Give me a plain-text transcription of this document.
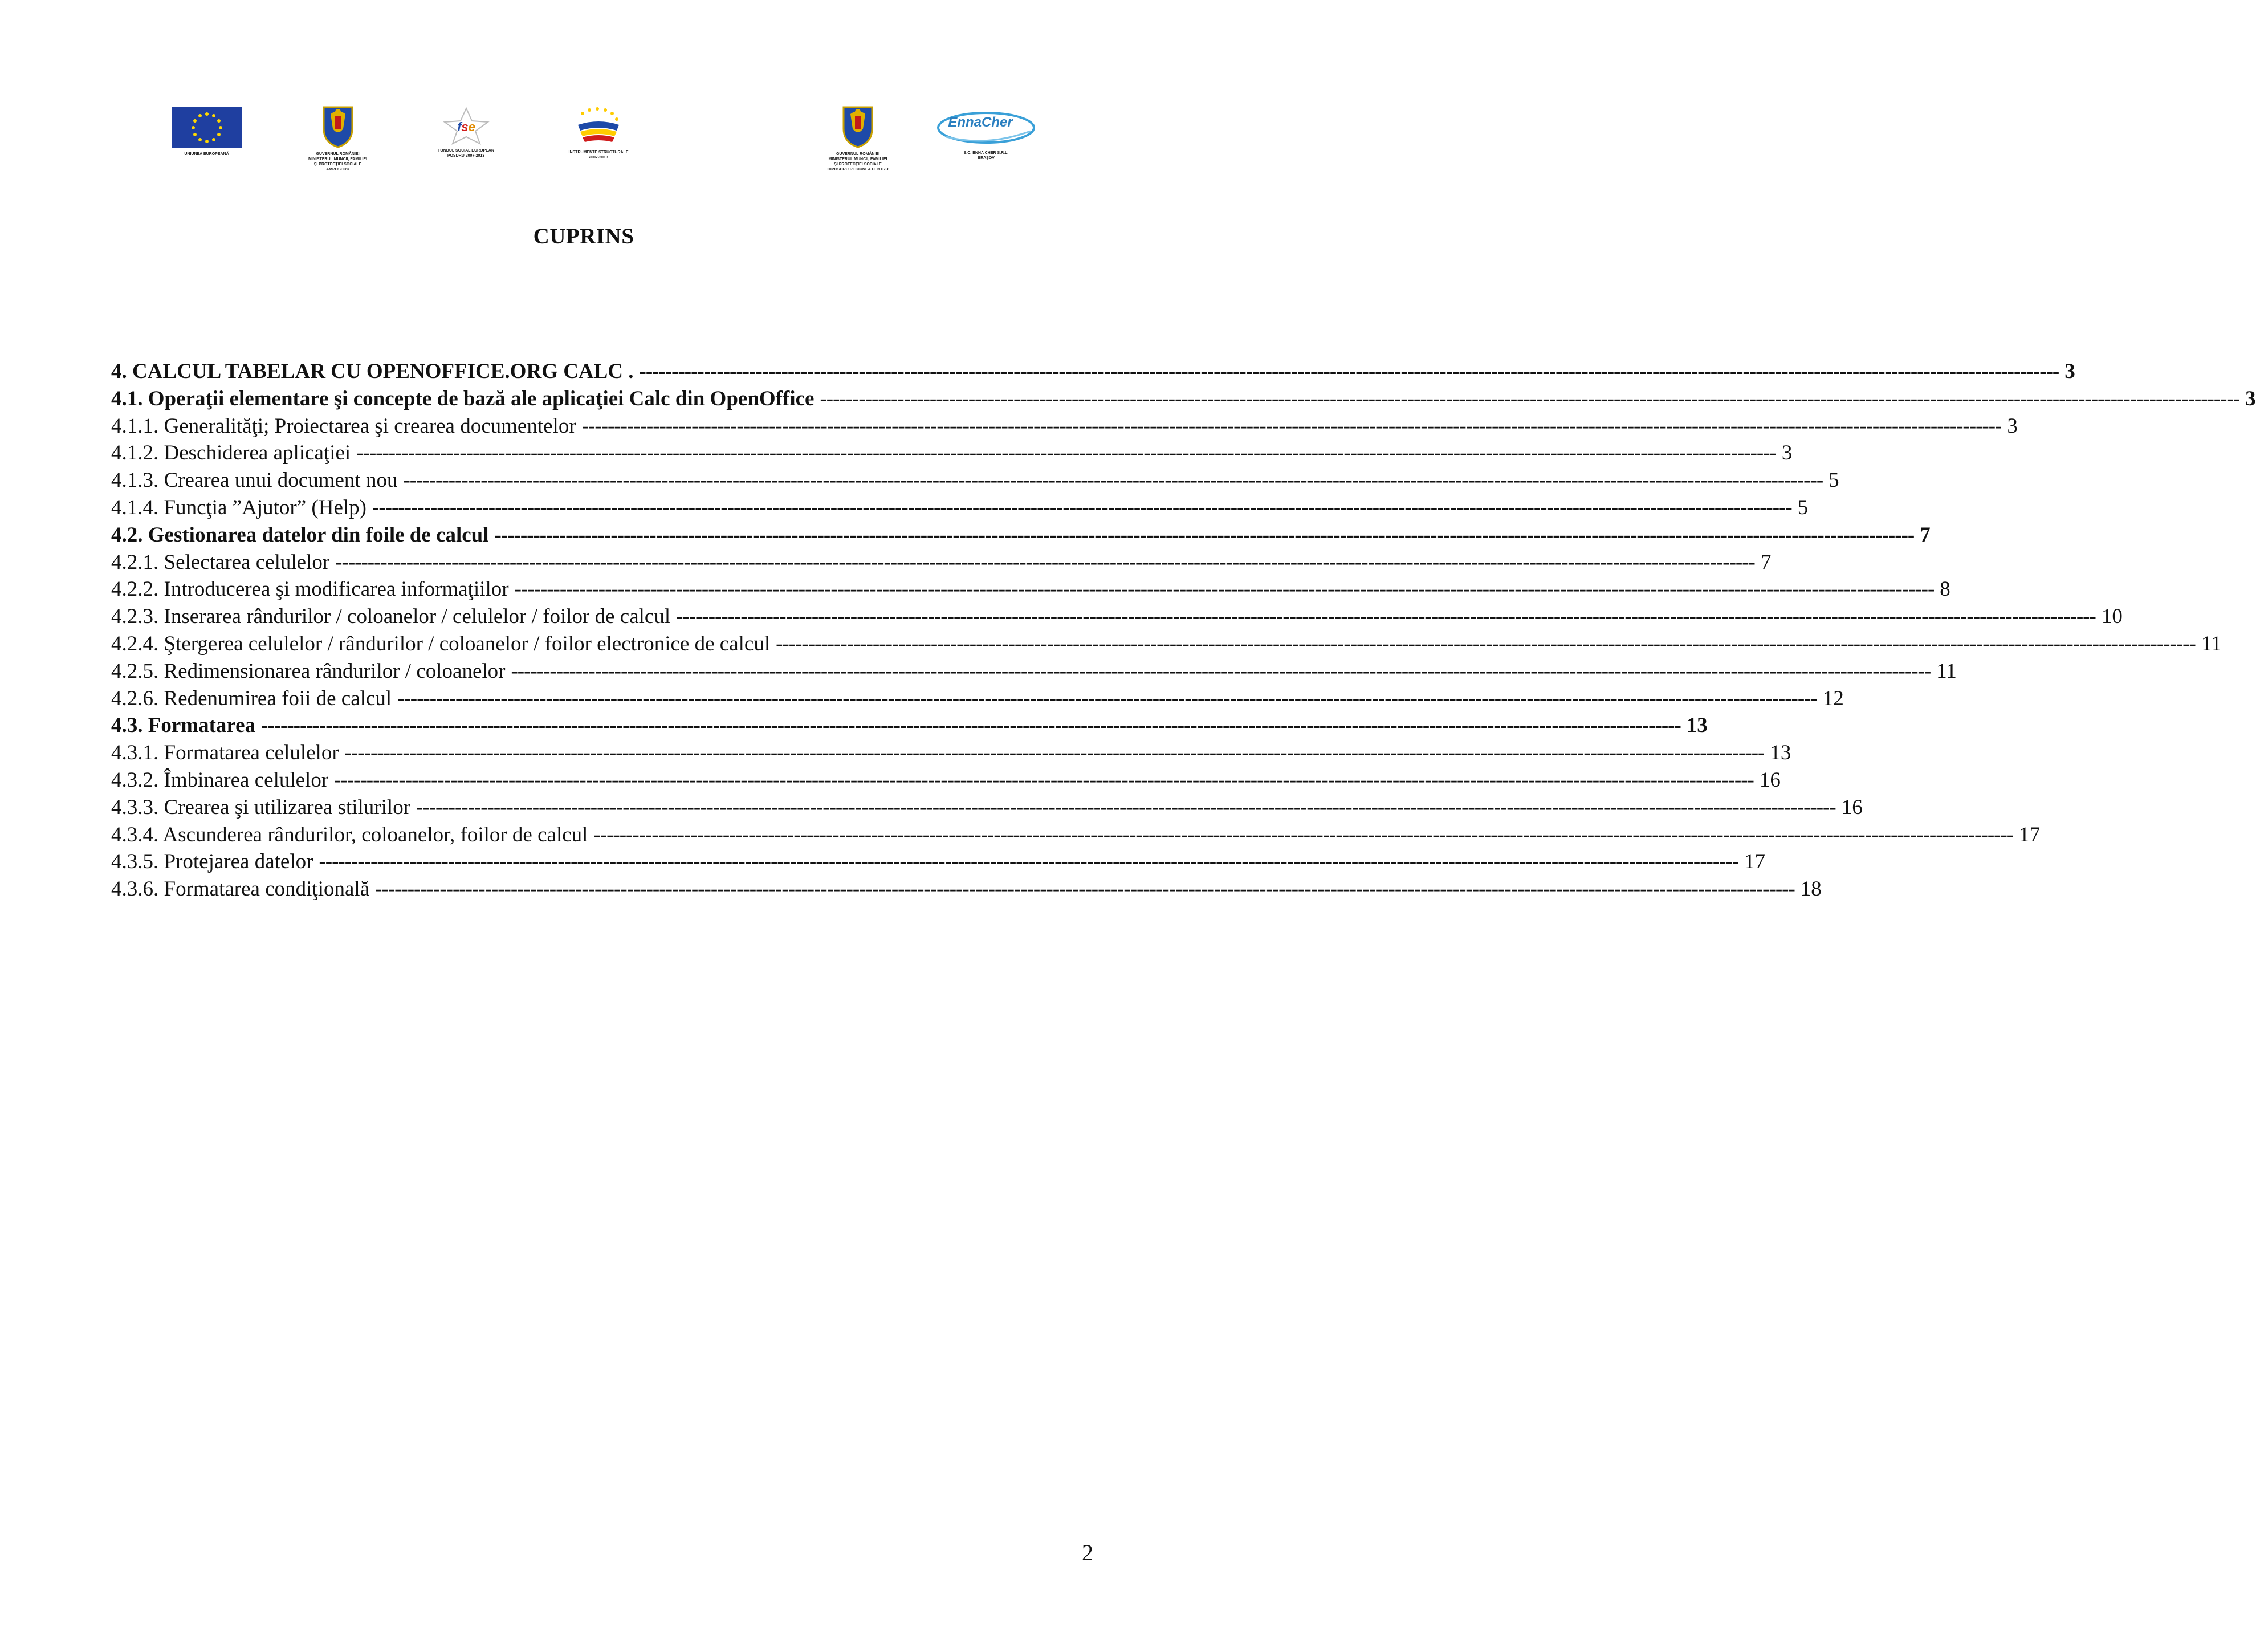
UNIUNEA EUROPEANĂ	GUVERNUL ROMÂNIEI
MINISTERUL MUNCII, FAMILIEI
ȘI PROTECȚIEI SOCIALE
AMPOSDRU
fse
FONDUL SOCIAL EUROPEAN
POSDRU 2007-2013
INSTRUMENTE STRUCTURALE
2007-2013
GUVERNUL ROMÂNIEI
MINISTERUL MUNCII, FAMILIEI
ȘI PROTECȚIEI SOCIALE
OIPOSDRU REGIUNEA CENTRU
EnnaCher
S.C. ENNA CHER S.R.L.
BRAȘOV
CUPRINS
4. CALCUL TABELAR CU OPENOFFICE.ORG CALC . ---------------------------------------------------------------------------------------------------------------------------------------------------------------------------------------------------------------------------- 3
4.1. Operaţii elementare şi concepte de bază ale aplicaţiei Calc din OpenOffice ---------------------------------------------------------------------------------------------------------------------------------------------------------------------------------------------------------------------------- 3
4.1.1. Generalităţi; Proiectarea şi crearea documentelor ---------------------------------------------------------------------------------------------------------------------------------------------------------------------------------------------------------------------------- 3
4.1.2. Deschiderea aplicaţiei ---------------------------------------------------------------------------------------------------------------------------------------------------------------------------------------------------------------------------- 3
4.1.3. Crearea unui document nou ---------------------------------------------------------------------------------------------------------------------------------------------------------------------------------------------------------------------------- 5
4.1.4. Funcţia ”Ajutor” (Help) ---------------------------------------------------------------------------------------------------------------------------------------------------------------------------------------------------------------------------- 5
4.2. Gestionarea datelor din foile de calcul ---------------------------------------------------------------------------------------------------------------------------------------------------------------------------------------------------------------------------- 7
4.2.1. Selectarea celulelor ---------------------------------------------------------------------------------------------------------------------------------------------------------------------------------------------------------------------------- 7
4.2.2. Introducerea şi modificarea informaţiilor ---------------------------------------------------------------------------------------------------------------------------------------------------------------------------------------------------------------------------- 8
4.2.3. Inserarea rândurilor / coloanelor / celulelor / foilor de calcul ---------------------------------------------------------------------------------------------------------------------------------------------------------------------------------------------------------------------------- 10
4.2.4. Ştergerea celulelor / rândurilor / coloanelor / foilor electronice de calcul ---------------------------------------------------------------------------------------------------------------------------------------------------------------------------------------------------------------------------- 11
4.2.5. Redimensionarea rândurilor / coloanelor ---------------------------------------------------------------------------------------------------------------------------------------------------------------------------------------------------------------------------- 11
4.2.6. Redenumirea foii de calcul ---------------------------------------------------------------------------------------------------------------------------------------------------------------------------------------------------------------------------- 12
4.3. Formatarea ---------------------------------------------------------------------------------------------------------------------------------------------------------------------------------------------------------------------------- 13
4.3.1. Formatarea celulelor ---------------------------------------------------------------------------------------------------------------------------------------------------------------------------------------------------------------------------- 13
4.3.2. Îmbinarea celulelor ---------------------------------------------------------------------------------------------------------------------------------------------------------------------------------------------------------------------------- 16
4.3.3. Crearea şi utilizarea stilurilor ---------------------------------------------------------------------------------------------------------------------------------------------------------------------------------------------------------------------------- 16
4.3.4. Ascunderea rândurilor, coloanelor, foilor de calcul ---------------------------------------------------------------------------------------------------------------------------------------------------------------------------------------------------------------------------- 17
4.3.5. Protejarea datelor ---------------------------------------------------------------------------------------------------------------------------------------------------------------------------------------------------------------------------- 17
4.3.6. Formatarea condiţională ---------------------------------------------------------------------------------------------------------------------------------------------------------------------------------------------------------------------------- 18
2
